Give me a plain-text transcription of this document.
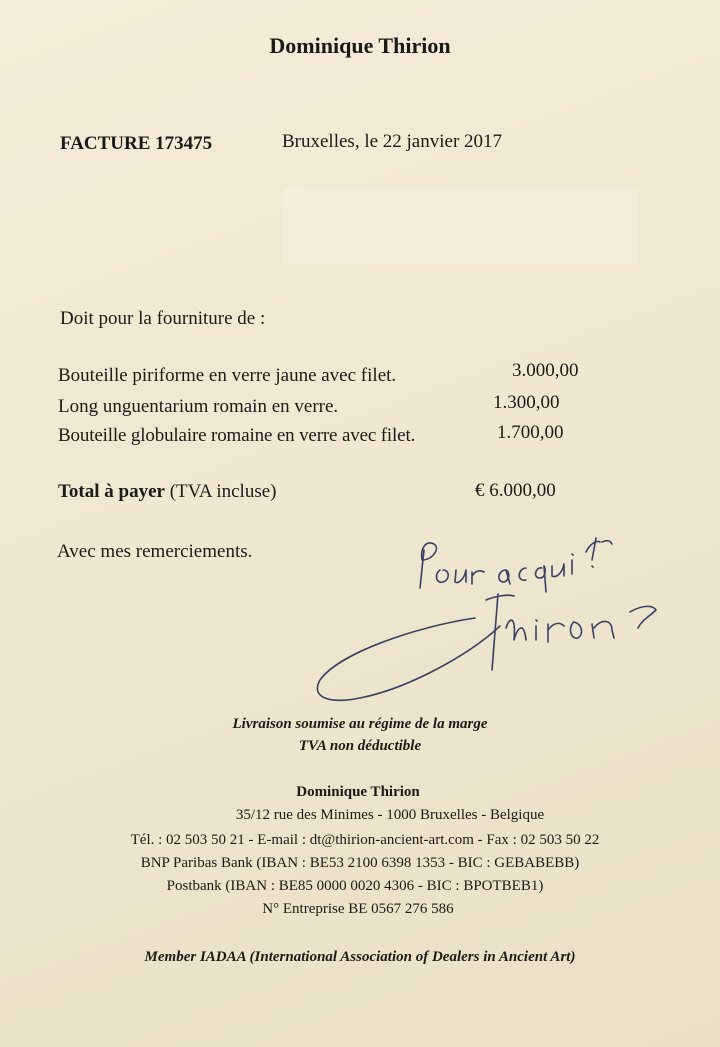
Dominique Thirion
FACTURE 173475	Bruxelles, le 22 janvier 2017
Doit pour la fourniture de :
Bouteille piriforme en verre jaune avec filet.	3.000,00
Long unguentarium romain en verre.	1.300,00
Bouteille globulaire romaine en verre avec filet.	1.700,00
Total à payer (TVA incluse)	€ 6.000,00
Avec mes remerciements.
Livraison soumise au régime de la marge
TVA non déductible
Dominique Thirion
35/12 rue des Minimes - 1000 Bruxelles - Belgique
Tél. : 02 503 50 21 - E-mail : dt@thirion-ancient-art.com - Fax : 02 503 50 22
BNP Paribas Bank (IBAN : BE53 2100 6398 1353 - BIC : GEBABEBB)
Postbank (IBAN : BE85 0000 0020 4306 - BIC : BPOTBEB1)
N° Entreprise BE 0567 276 586
Member IADAA (International Association of Dealers in Ancient Art)
